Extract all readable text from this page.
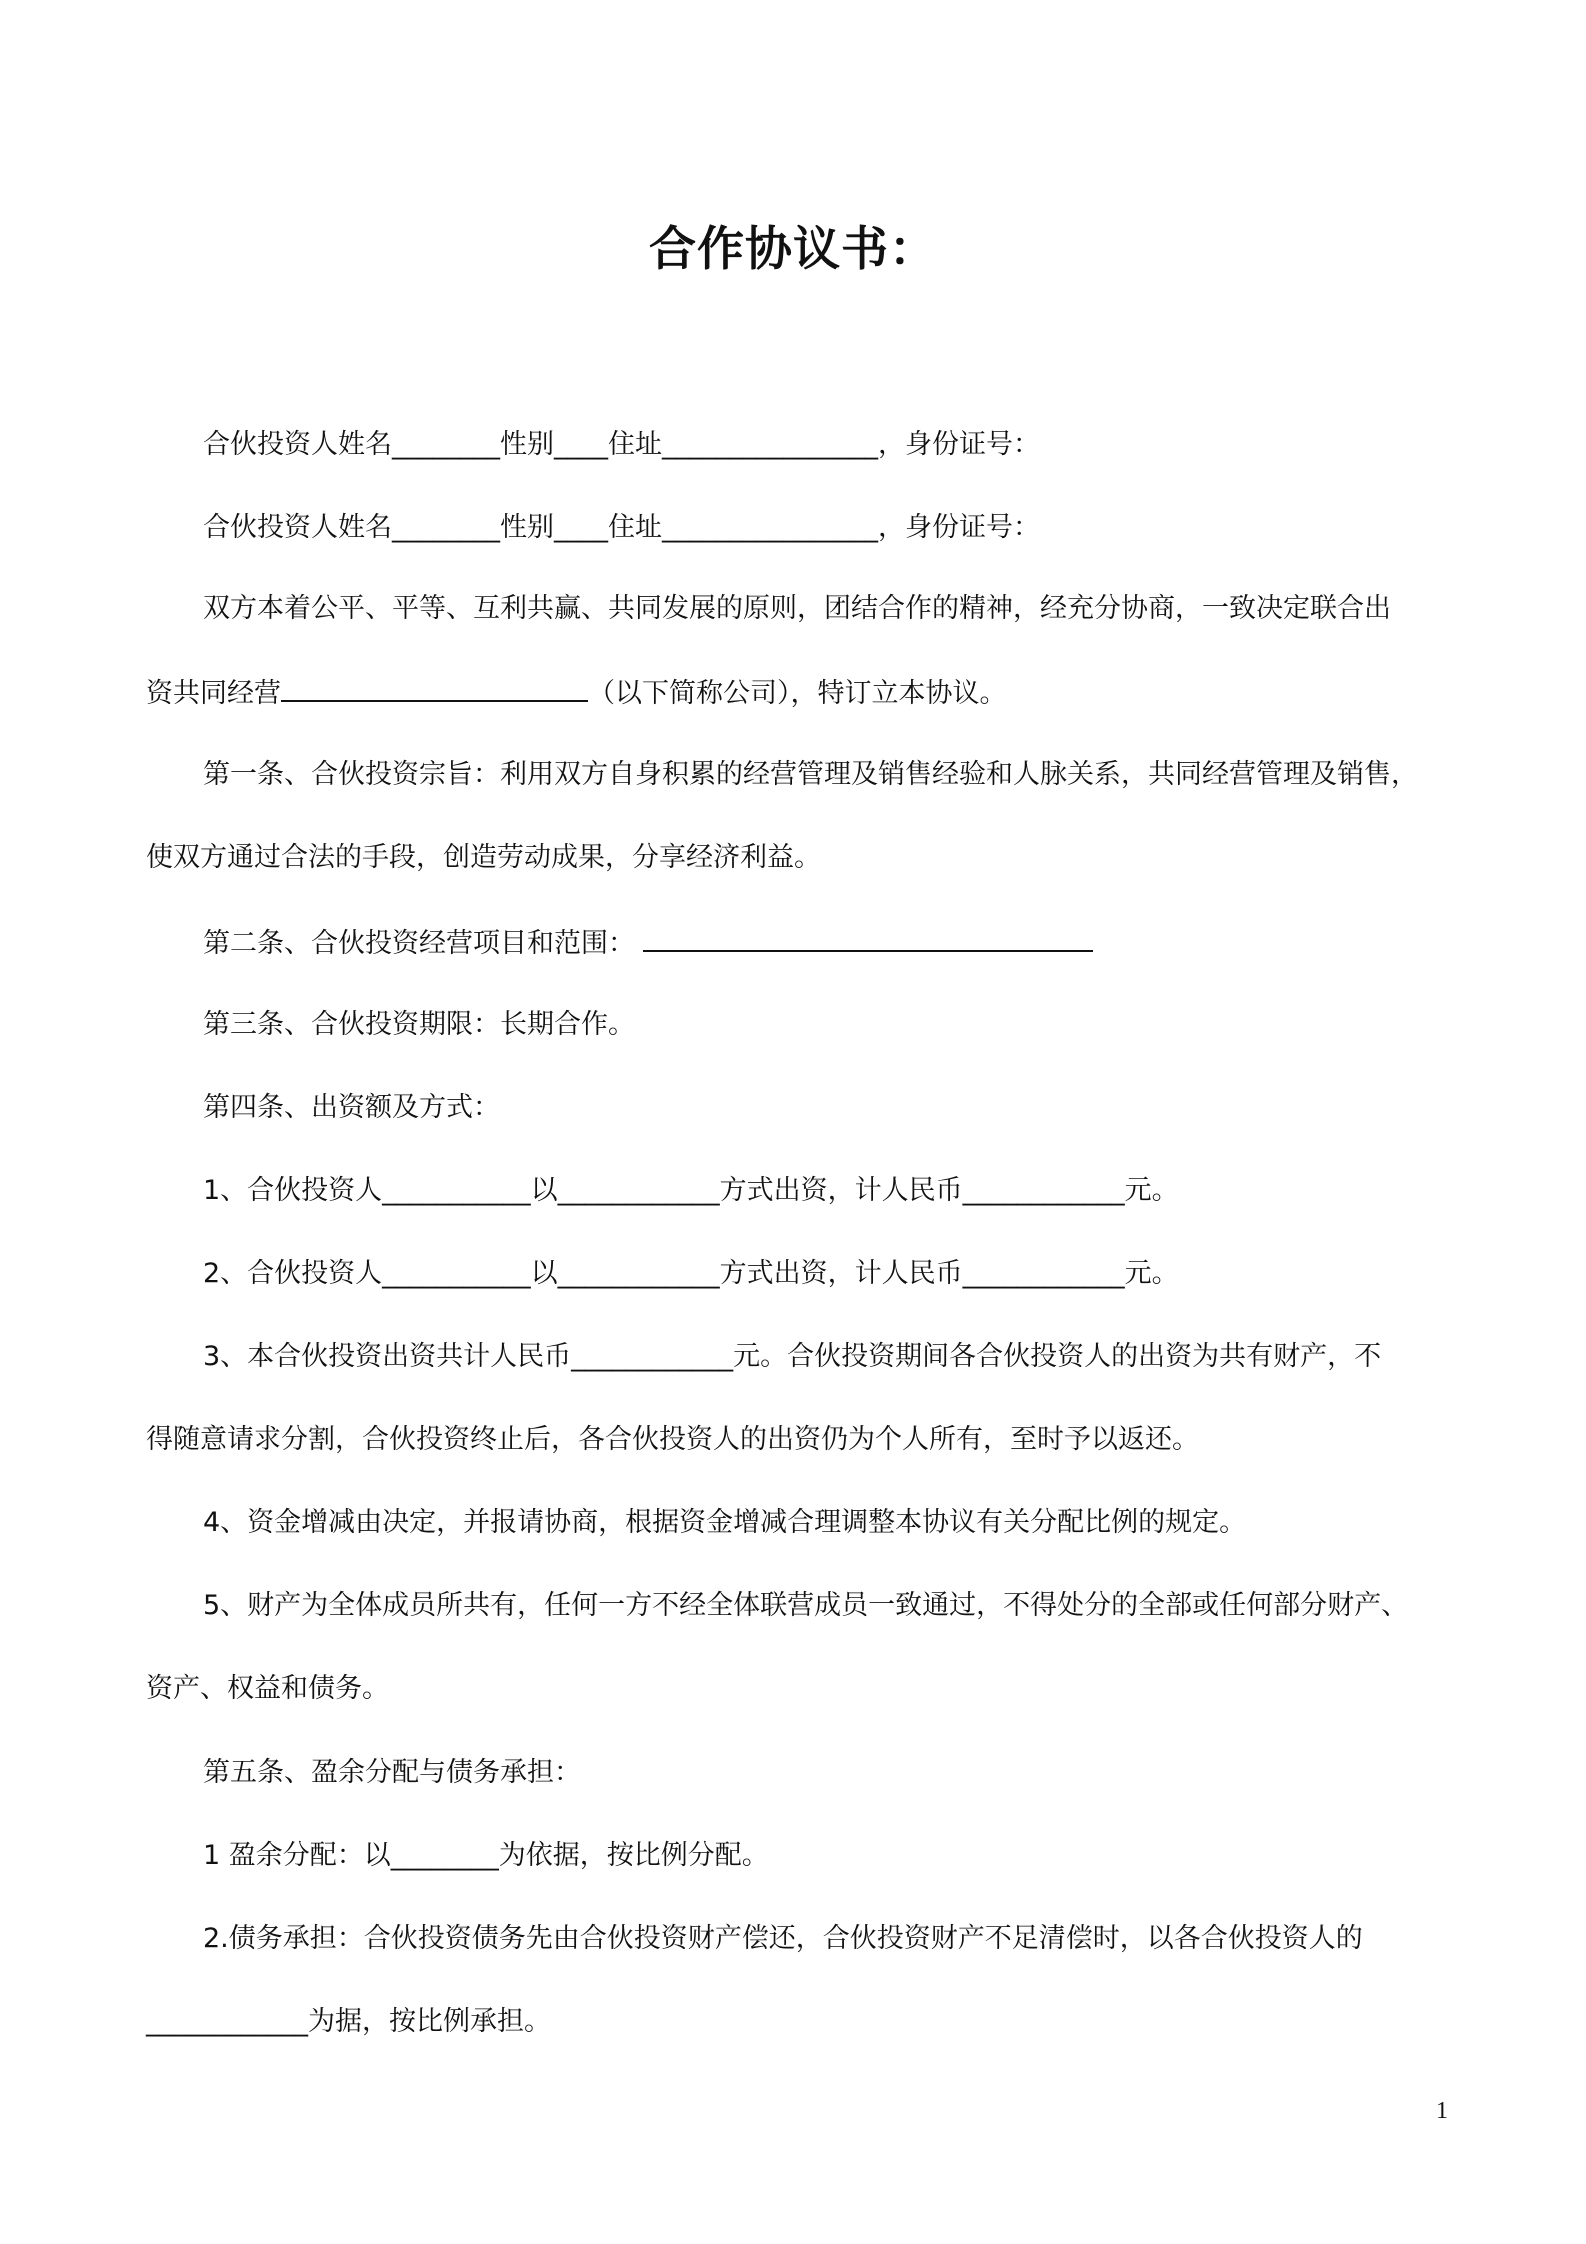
合作协议书：

合伙投资人姓名________性别____住址________________，身份证号：

合伙投资人姓名________性别____住址________________，身份证号：

双方本着公平、平等、互利共赢、共同发展的原则，团结合作的精神，经充分协商，一致决定联合出

资共同经营	（以下简称公司），特订立本协议。

第一条、合伙投资宗旨：利用双方自身积累的经营管理及销售经验和人脉关系，共同经营管理及销售，

使双方通过合法的手段，创造劳动成果，分享经济利益。

第二条、合伙投资经营项目和范围：

第三条、合伙投资期限：长期合作。

第四条、出资额及方式：

1、合伙投资人___________以____________方式出资，计人民币____________元。

2、合伙投资人___________以____________方式出资，计人民币____________元。

3、本合伙投资出资共计人民币____________元。合伙投资期间各合伙投资人的出资为共有财产，不

得随意请求分割，合伙投资终止后，各合伙投资人的出资仍为个人所有，至时予以返还。

4、资金增减由决定，并报请协商，根据资金增减合理调整本协议有关分配比例的规定。

5、财产为全体成员所共有，任何一方不经全体联营成员一致通过，不得处分的全部或任何部分财产、

资产、权益和债务。

第五条、盈余分配与债务承担：

1 盈余分配：以________为依据，按比例分配。

2.债务承担：合伙投资债务先由合伙投资财产偿还，合伙投资财产不足清偿时，以各合伙投资人的

____________为据，按比例承担。

1
